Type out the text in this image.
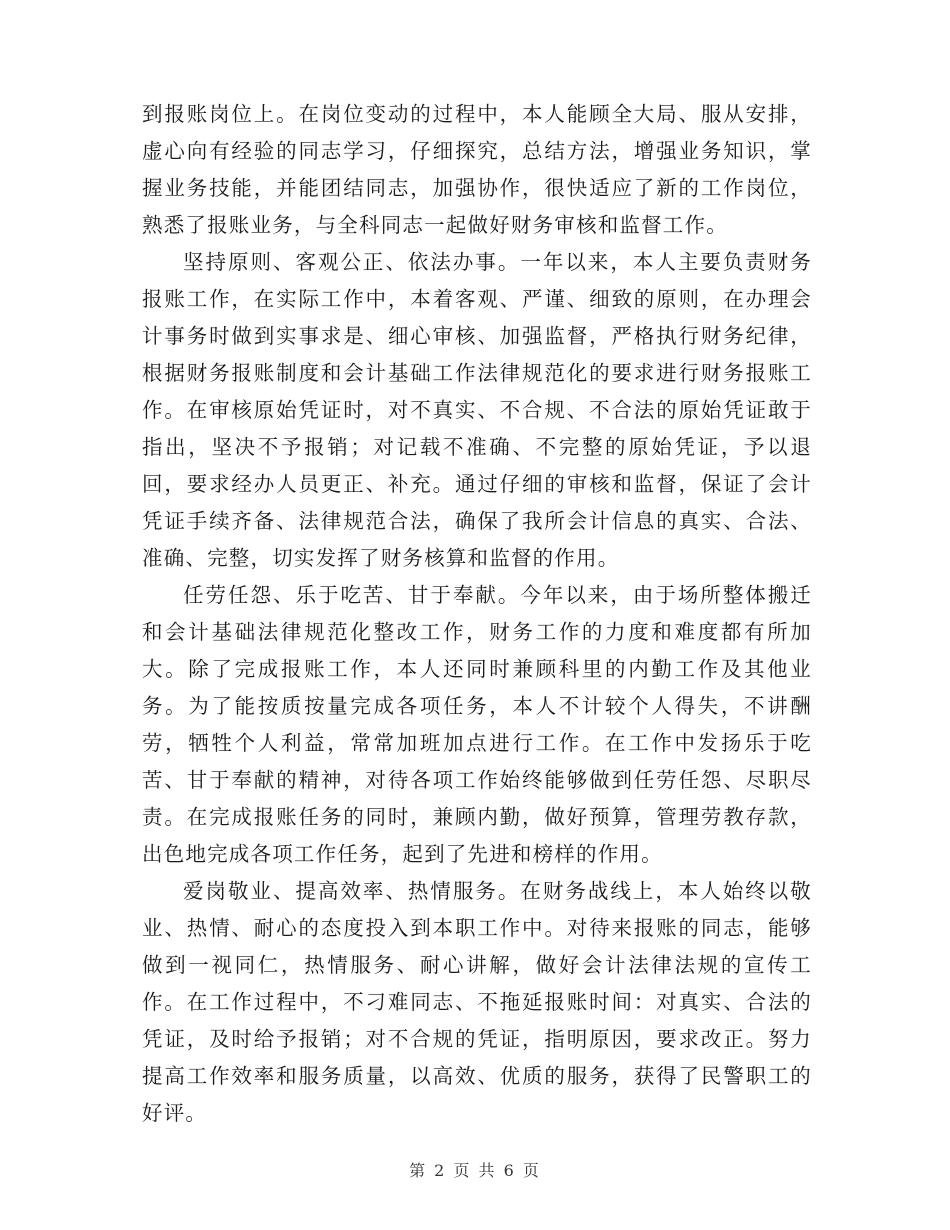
到报账岗位上。在岗位变动的过程中，本人能顾全大局、服从安排，虚心向有经验的同志学习，仔细探究，总结方法，增强业务知识，掌握业务技能，并能团结同志，加强协作，很快适应了新的工作岗位，熟悉了报账业务，与全科同志一起做好财务审核和监督工作。

坚持原则、客观公正、依法办事。一年以来，本人主要负责财务报账工作，在实际工作中，本着客观、严谨、细致的原则，在办理会计事务时做到实事求是、细心审核、加强监督，严格执行财务纪律，根据财务报账制度和会计基础工作法律规范化的要求进行财务报账工作。在审核原始凭证时，对不真实、不合规、不合法的原始凭证敢于指出，坚决不予报销；对记载不准确、不完整的原始凭证，予以退回，要求经办人员更正、补充。通过仔细的审核和监督，保证了会计凭证手续齐备、法律规范合法，确保了我所会计信息的真实、合法、准确、完整，切实发挥了财务核算和监督的作用。

任劳任怨、乐于吃苦、甘于奉献。今年以来，由于场所整体搬迁和会计基础法律规范化整改工作，财务工作的力度和难度都有所加大。除了完成报账工作，本人还同时兼顾科里的内勤工作及其他业务。为了能按质按量完成各项任务，本人不计较个人得失，不讲酬劳，牺牲个人利益，常常加班加点进行工作。在工作中发扬乐于吃苦、甘于奉献的精神，对待各项工作始终能够做到任劳任怨、尽职尽责。在完成报账任务的同时，兼顾内勤，做好预算，管理劳教存款，出色地完成各项工作任务，起到了先进和榜样的作用。

爱岗敬业、提高效率、热情服务。在财务战线上，本人始终以敬业、热情、耐心的态度投入到本职工作中。对待来报账的同志，能够做到一视同仁，热情服务、耐心讲解，做好会计法律法规的宣传工作。在工作过程中，不刁难同志、不拖延报账时间：对真实、合法的凭证，及时给予报销；对不合规的凭证，指明原因，要求改正。努力提高工作效率和服务质量，以高效、优质的服务，获得了民警职工的好评。

第 2 页 共 6 页
